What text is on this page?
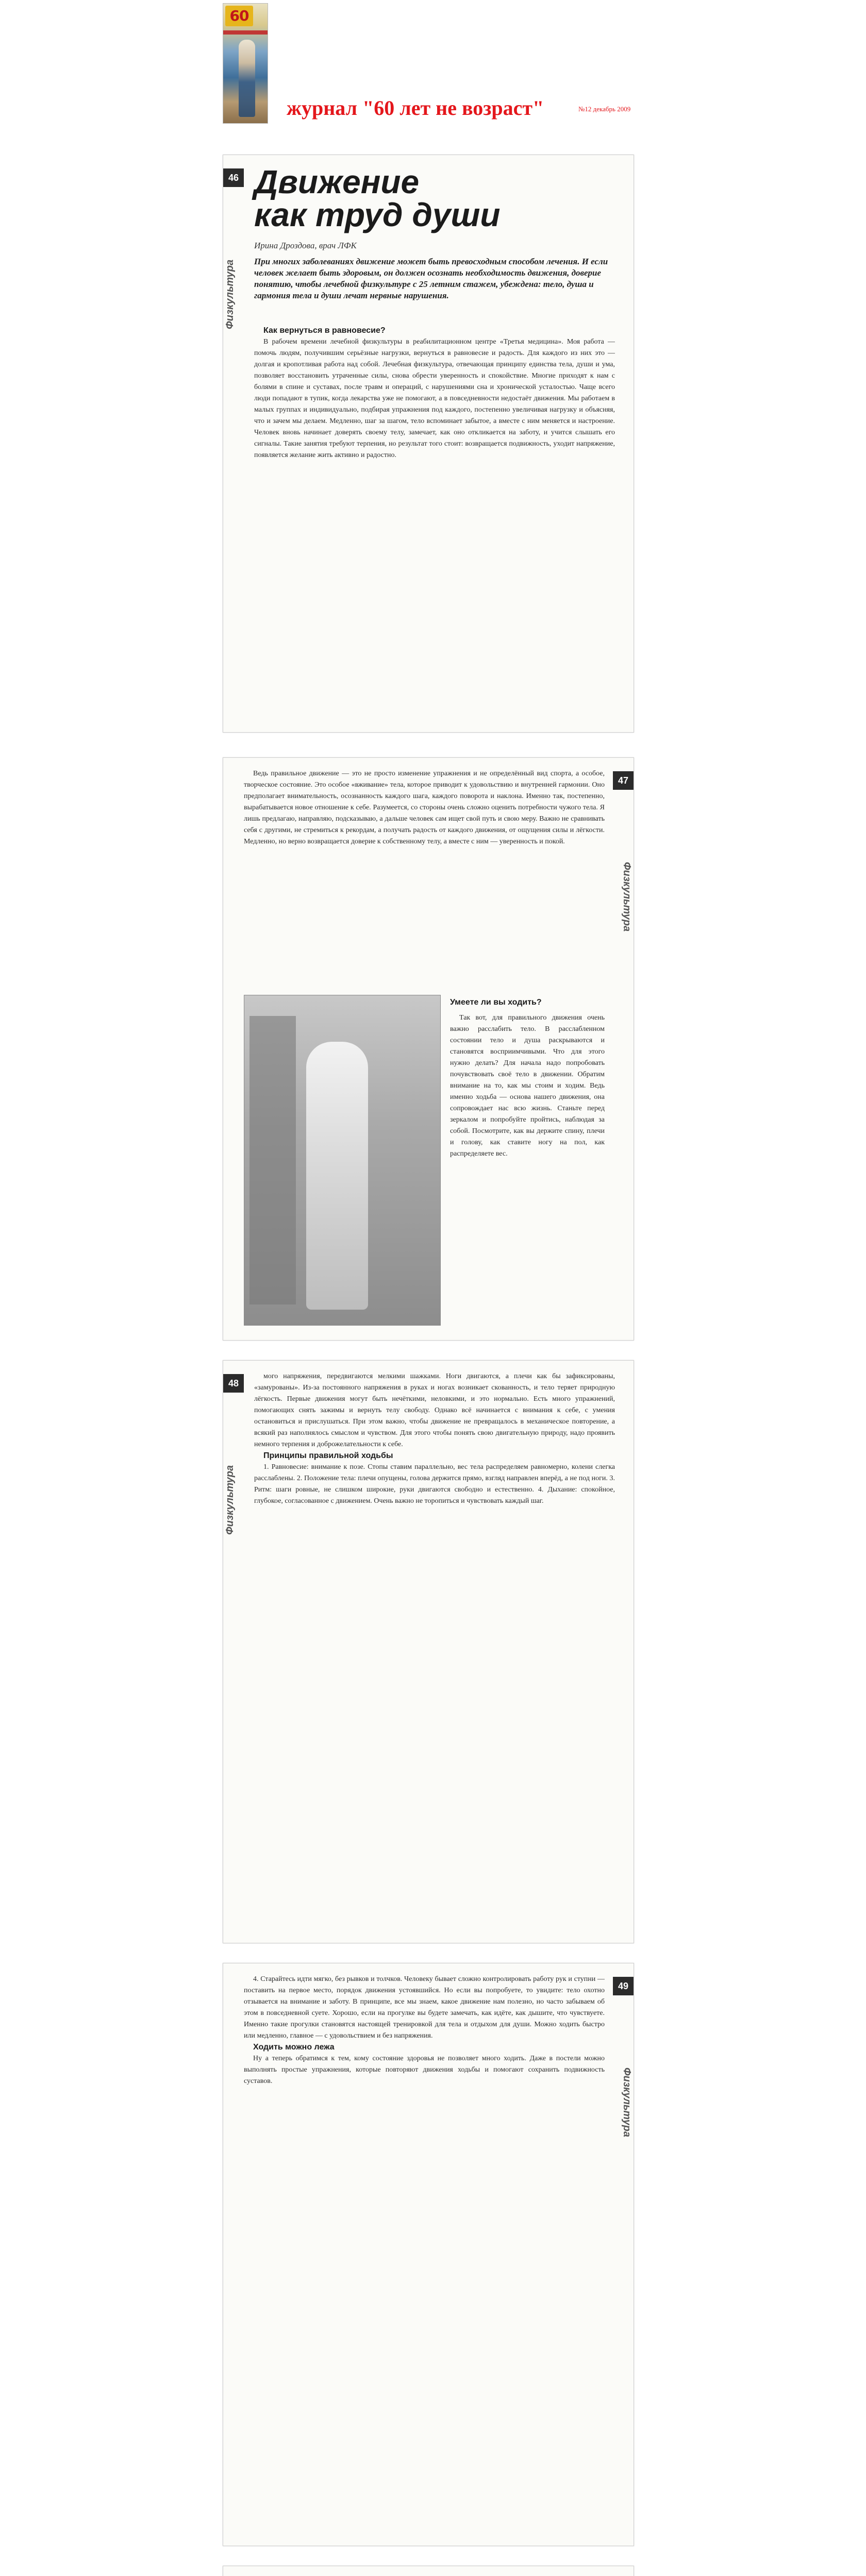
60
журнал "60 лет не возраст"	№12 декабрь 2009
46
Физкультура
Движение
как труд души
Ирина Дроздова, врач ЛФК
При многих заболеваниях движение может быть превосходным способом лечения. И если человек желает быть здоровым, он должен осознать необходимость движения, доверие понятию, чтобы лечебной физкультуре с 25 летним стажем, убеждена: тело, душа и гармония тела и души лечат нервные нарушения.

Как вернуться в равновесие?

В рабочем времени лечебной физкультуры в реабилитационном центре «Третья медицина». Моя работа — помочь людям, получившим серьёзные нагрузки, вернуться в равновесие и радость. Для каждого из них это — долгая и кропотливая работа над собой. Лечебная физкультура, отвечающая принципу единства тела, души и ума, позволяет восстановить утраченные силы, снова обрести уверенность и спокойствие. Многие приходят к нам с болями в спине и суставах, после травм и операций, с нарушениями сна и хронической усталостью. Чаще всего люди попадают в тупик, когда лекарства уже не помогают, а в повседневности недостаёт движения. Мы работаем в малых группах и индивидуально, подбирая упражнения под каждого, постепенно увеличивая нагрузку и объясняя, что и зачем мы делаем. Медленно, шаг за шагом, тело вспоминает забытое, а вместе с ним меняется и настроение. Человек вновь начинает доверять своему телу, замечает, как оно откликается на заботу, и учится слышать его сигналы. Такие занятия требуют терпения, но результат того стоит: возвращается подвижность, уходит напряжение, появляется желание жить активно и радостно.

47
Физкультура

Ведь правильное движение — это не просто изменение упражнения и не определённый вид спорта, а особое, творческое состояние. Это особое «вживание» тела, которое приводит к удовольствию и внутренней гармонии. Оно предполагает внимательность, осознанность каждого шага, каждого поворота и наклона. Именно так, постепенно, вырабатывается новое отношение к себе. Разумеется, со стороны очень сложно оценить потребности чужого тела. Я лишь предлагаю, направляю, подсказываю, а дальше человек сам ищет свой путь и свою меру. Важно не сравнивать себя с другими, не стремиться к рекордам, а получать радость от каждого движения, от ощущения силы и лёгкости. Медленно, но верно возвращается доверие к собственному телу, а вместе с ним — уверенность и покой.

Умеете ли вы ходить?

Так вот, для правильного движения очень важно расслабить тело. В расслабленном состоянии тело и душа раскрываются и становятся восприимчивыми. Что для этого нужно делать? Для начала надо попробовать почувствовать своё тело в движении. Обратим внимание на то, как мы стоим и ходим. Ведь именно ходьба — основа нашего движения, она сопровождает нас всю жизнь. Станьте перед зеркалом и попробуйте пройтись, наблюдая за собой. Посмотрите, как вы держите спину, плечи и голову, как ставите ногу на пол, как распределяете вес.

48
Физкультура

мого напряжения, передвигаются мелкими шажками. Ноги двигаются, а плечи как бы зафиксированы, «замурованы». Из-за постоянного напряжения в руках и ногах возникает скованность, и тело теряет природную лёгкость. Первые движения могут быть нечёткими, неловкими, и это нормально. Есть много упражнений, помогающих снять зажимы и вернуть телу свободу. Однако всё начинается с внимания к себе, с умения остановиться и прислушаться. При этом важно, чтобы движение не превращалось в механическое повторение, а всякий раз наполнялось смыслом и чувством. Для этого чтобы понять свою двигательную природу, надо проявить немного терпения и доброжелательности к себе.

Принципы правильной ходьбы

1. Равновесие: внимание к позе. Стопы ставим параллельно, вес тела распределяем равномерно, колени слегка расслаблены. 2. Положение тела: плечи опущены, голова держится прямо, взгляд направлен вперёд, а не под ноги. 3. Ритм: шаги ровные, не слишком широкие, руки двигаются свободно и естественно. 4. Дыхание: спокойное, глубокое, согласованное с движением. Очень важно не торопиться и чувствовать каждый шаг.

49
Физкультура

4. Старайтесь идти мягко, без рывков и толчков. Человеку бывает сложно контролировать работу рук и ступни — поставить на первое место, порядок движения устоявшийся. Но если вы попробуете, то увидите: тело охотно отзывается на внимание и заботу. В принципе, все мы знаем, какое движение нам полезно, но часто забываем об этом в повседневной суете. Хорошо, если на прогулке вы будете замечать, как идёте, как дышите, что чувствуете. Именно такие прогулки становятся настоящей тренировкой для тела и отдыхом для души. Можно ходить быстро или медленно, главное — с удовольствием и без напряжения.

Ходить можно лежа

Ну а теперь обратимся к тем, кому состояние здоровья не позволяет много ходить. Даже в постели можно выполнять простые упражнения, которые повторяют движения ходьбы и помогают сохранить подвижность суставов.
